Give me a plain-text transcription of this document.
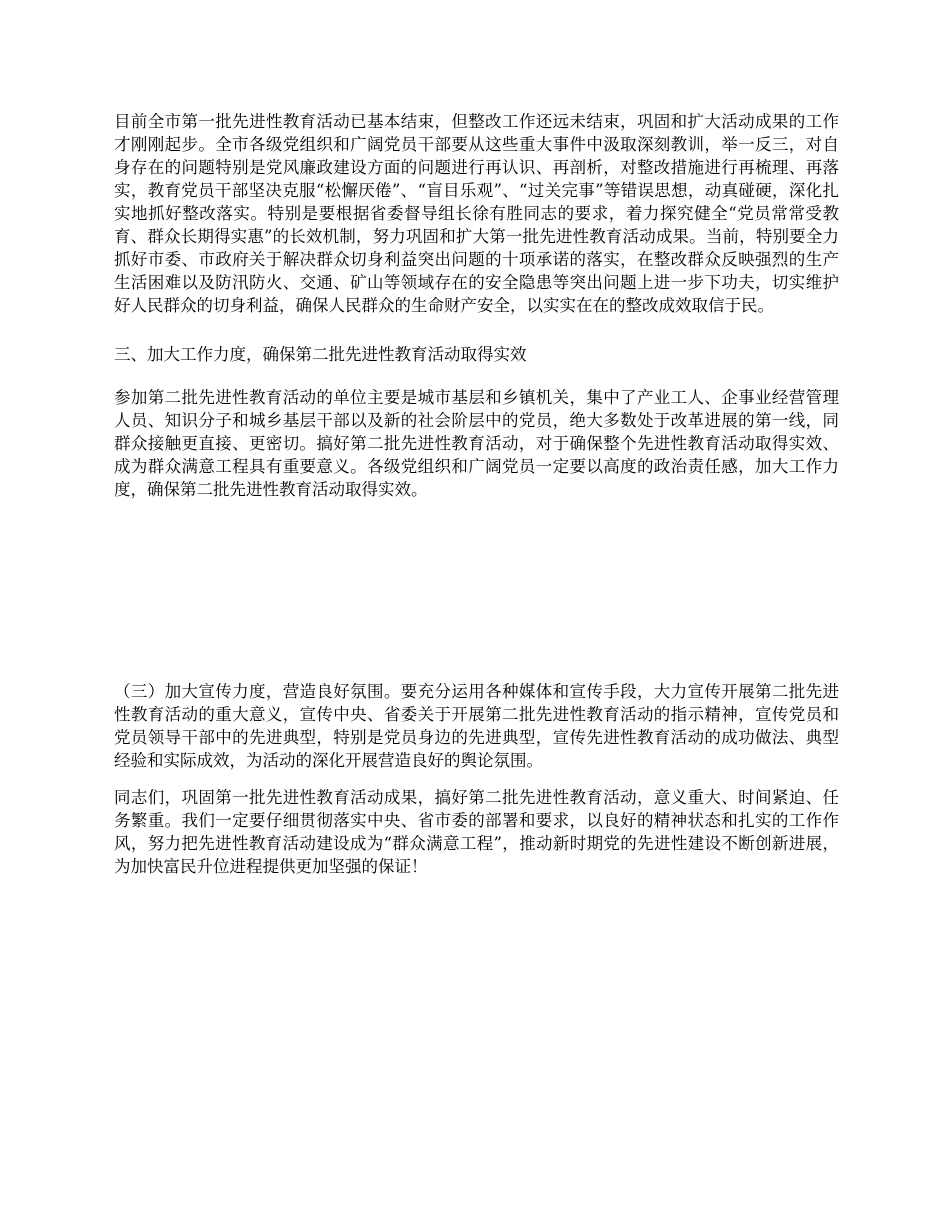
目前全市第一批先进性教育活动已基本结束，但整改工作还远未结束，巩固和扩大活动成果的工作才刚刚起步。全市各级党组织和广阔党员干部要从这些重大事件中汲取深刻教训，举一反三，对自身存在的问题特别是党风廉政建设方面的问题进行再认识、再剖析，对整改措施进行再梳理、再落实，教育党员干部坚决克服“松懈厌倦”、“盲目乐观”、“过关完事”等错误思想，动真碰硬，深化扎实地抓好整改落实。特别是要根据省委督导组长徐有胜同志的要求，着力探究健全“党员常常受教育、群众长期得实惠”的长效机制，努力巩固和扩大第一批先进性教育活动成果。当前，特别要全力抓好市委、市政府关于解决群众切身利益突出问题的十项承诺的落实，在整改群众反映强烈的生产生活困难以及防汛防火、交通、矿山等领域存在的安全隐患等突出问题上进一步下功夫，切实维护好人民群众的切身利益，确保人民群众的生命财产安全，以实实在在的整改成效取信于民。

三、加大工作力度，确保第二批先进性教育活动取得实效

参加第二批先进性教育活动的单位主要是城市基层和乡镇机关，集中了产业工人、企事业经营管理人员、知识分子和城乡基层干部以及新的社会阶层中的党员，绝大多数处于改革进展的第一线，同群众接触更直接、更密切。搞好第二批先进性教育活动，对于确保整个先进性教育活动取得实效、成为群众满意工程具有重要意义。各级党组织和广阔党员一定要以高度的政治责任感，加大工作力度，确保第二批先进性教育活动取得实效。

（三）加大宣传力度，营造良好氛围。要充分运用各种媒体和宣传手段，大力宣传开展第二批先进性教育活动的重大意义，宣传中央、省委关于开展第二批先进性教育活动的指示精神，宣传党员和党员领导干部中的先进典型，特别是党员身边的先进典型，宣传先进性教育活动的成功做法、典型经验和实际成效，为活动的深化开展营造良好的舆论氛围。

同志们，巩固第一批先进性教育活动成果，搞好第二批先进性教育活动，意义重大、时间紧迫、任务繁重。我们一定要仔细贯彻落实中央、省市委的部署和要求，以良好的精神状态和扎实的工作作风，努力把先进性教育活动建设成为“群众满意工程”，推动新时期党的先进性建设不断创新进展，为加快富民升位进程提供更加坚强的保证！
